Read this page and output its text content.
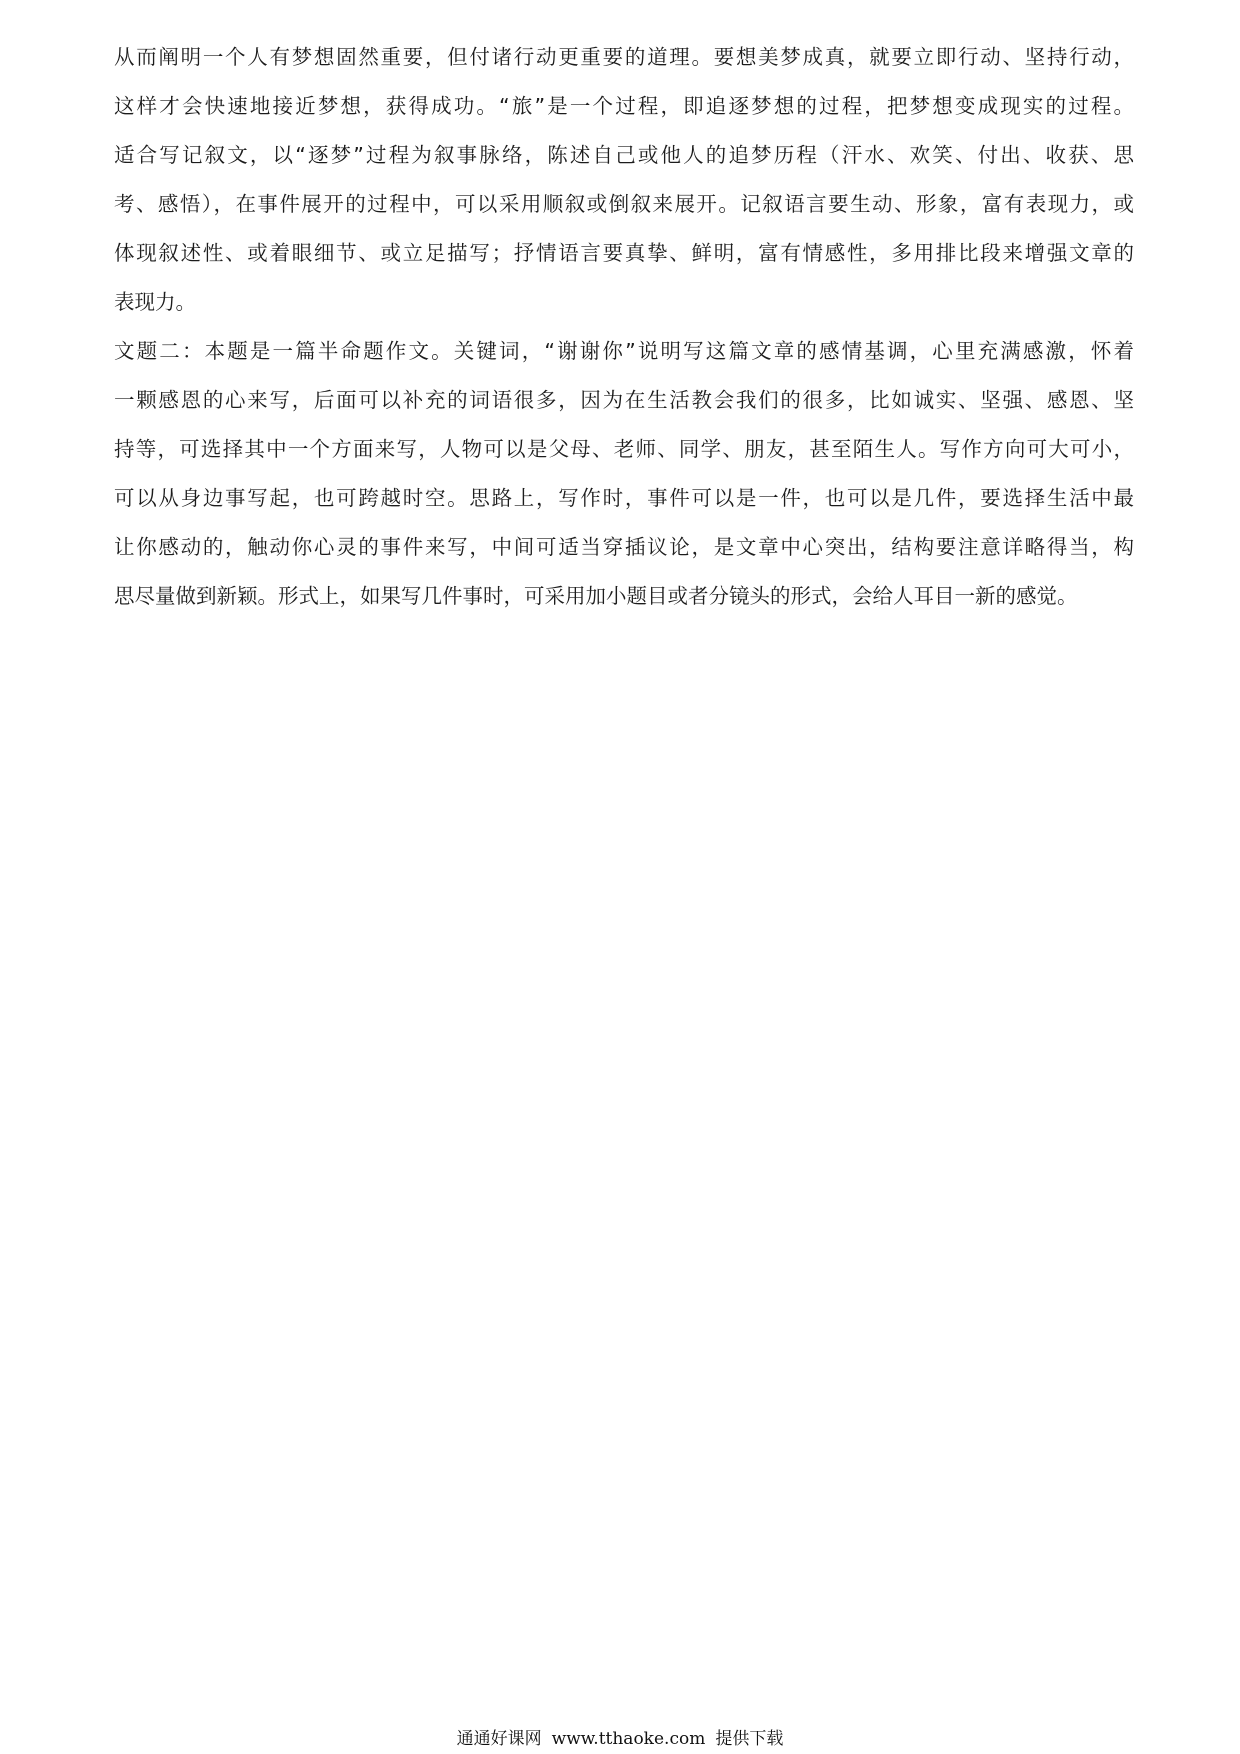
从而阐明一个人有梦想固然重要，但付诸行动更重要的道理。要想美梦成真，就要立即行动、坚持行动，
这样才会快速地接近梦想，获得成功。“旅”是一个过程，即追逐梦想的过程，把梦想变成现实的过程。
适合写记叙文，以“逐梦”过程为叙事脉络，陈述自己或他人的追梦历程（汗水、欢笑、付出、收获、思
考、感悟），在事件展开的过程中，可以采用顺叙或倒叙来展开。记叙语言要生动、形象，富有表现力，或
体现叙述性、或着眼细节、或立足描写；抒情语言要真挚、鲜明，富有情感性，多用排比段来增强文章的
表现力。
文题二：本题是一篇半命题作文。关键词，“谢谢你”说明写这篇文章的感情基调，心里充满感激，怀着
一颗感恩的心来写，后面可以补充的词语很多，因为在生活教会我们的很多，比如诚实、坚强、感恩、坚
持等，可选择其中一个方面来写，人物可以是父母、老师、同学、朋友，甚至陌生人。写作方向可大可小，
可以从身边事写起，也可跨越时空。思路上，写作时，事件可以是一件，也可以是几件，要选择生活中最
让你感动的，触动你心灵的事件来写，中间可适当穿插议论，是文章中心突出，结构要注意详略得当，构
思尽量做到新颖。形式上，如果写几件事时，可采用加小题目或者分镜头的形式，会给人耳目一新的感觉。
通通好课网 www.tthaoke.com 提供下载
